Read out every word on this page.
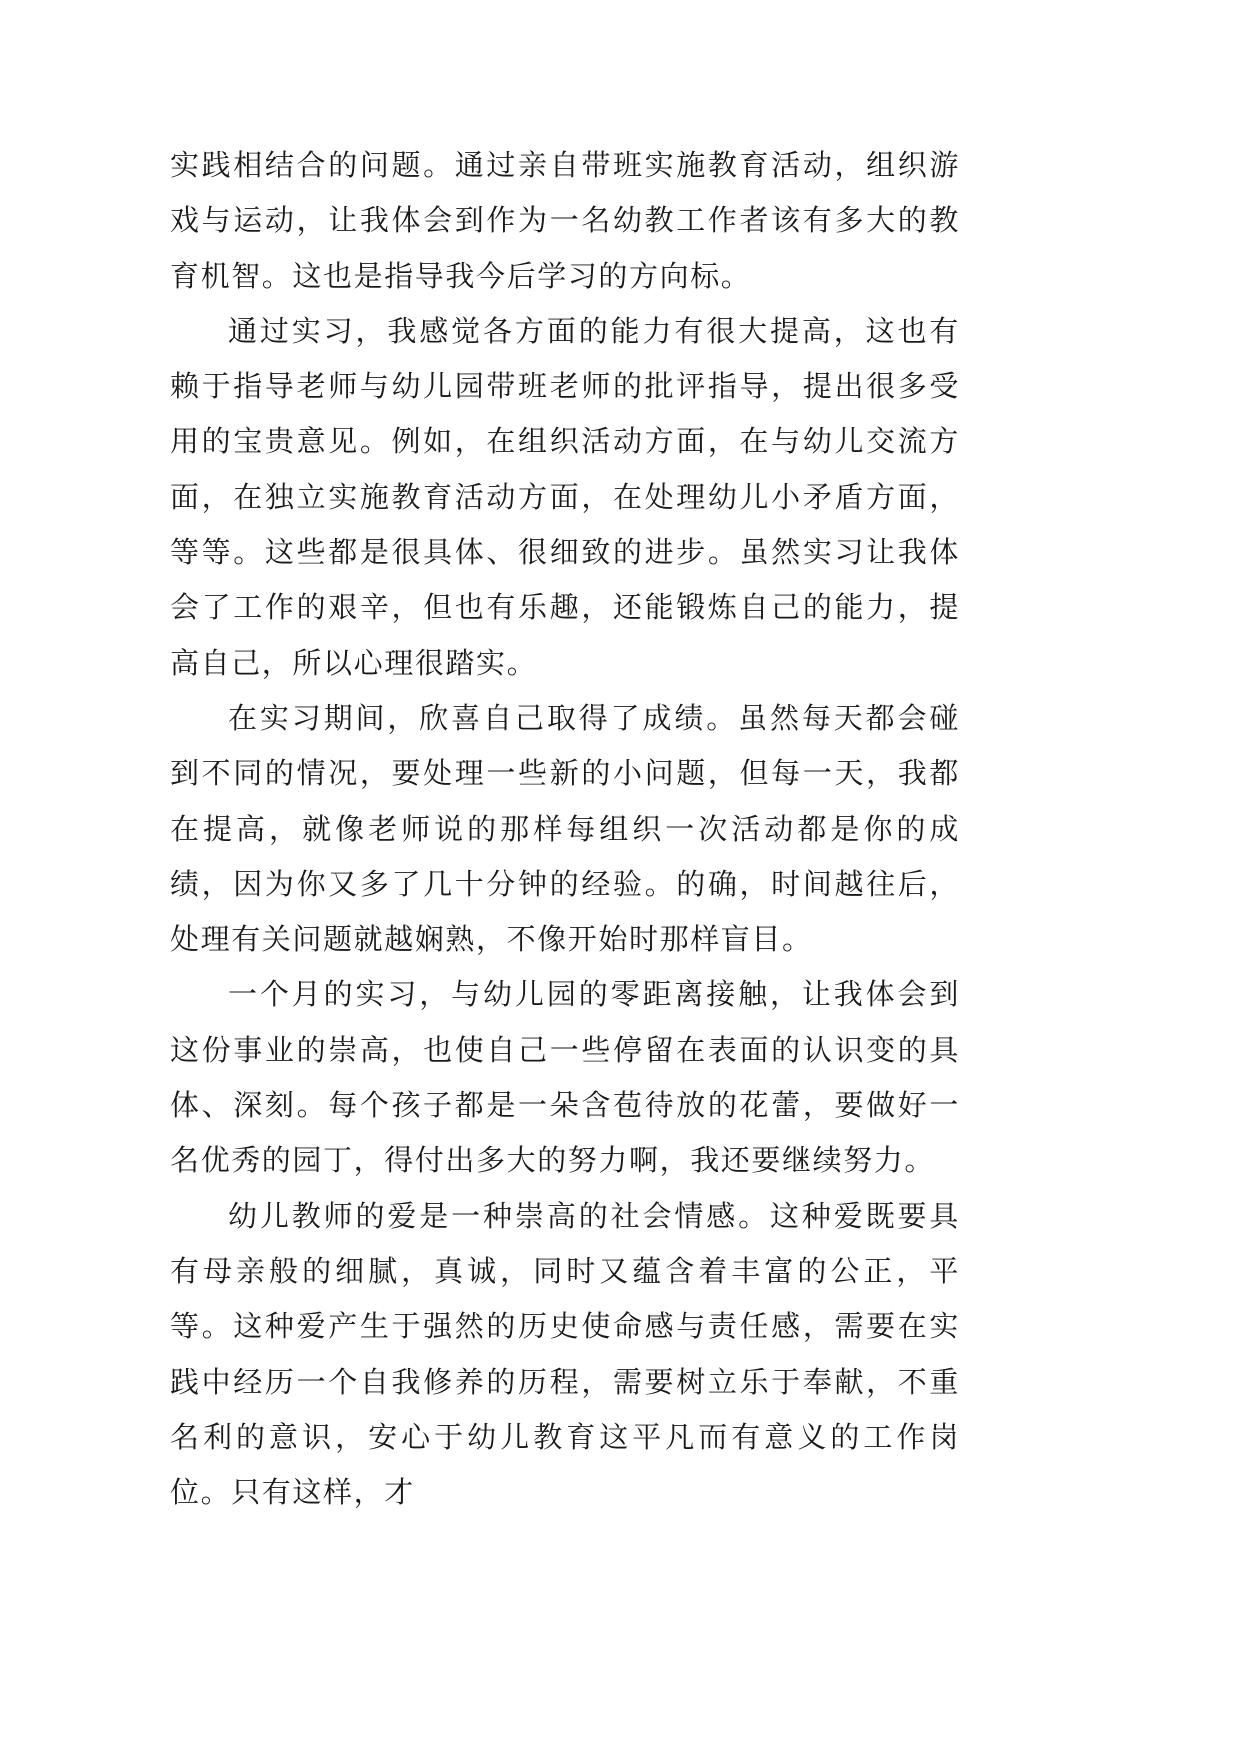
实践相结合的问题。通过亲自带班实施教育活动，组织游戏与运动，让我体会到作为一名幼教工作者该有多大的教育机智。这也是指导我今后学习的方向标。

通过实习，我感觉各方面的能力有很大提高，这也有赖于指导老师与幼儿园带班老师的批评指导，提出很多受用的宝贵意见。例如，在组织活动方面，在与幼儿交流方面，在独立实施教育活动方面，在处理幼儿小矛盾方面，等等。这些都是很具体、很细致的进步。虽然实习让我体会了工作的艰辛，但也有乐趣，还能锻炼自己的能力，提高自己，所以心理很踏实。

在实习期间，欣喜自己取得了成绩。虽然每天都会碰到不同的情况，要处理一些新的小问题，但每一天，我都在提高，就像老师说的那样每组织一次活动都是你的成绩，因为你又多了几十分钟的经验。的确，时间越往后，处理有关问题就越娴熟，不像开始时那样盲目。

一个月的实习，与幼儿园的零距离接触，让我体会到这份事业的崇高，也使自己一些停留在表面的认识变的具体、深刻。每个孩子都是一朵含苞待放的花蕾，要做好一名优秀的园丁，得付出多大的努力啊，我还要继续努力。

幼儿教师的爱是一种崇高的社会情感。这种爱既要具有母亲般的细腻，真诚，同时又蕴含着丰富的公正，平等。这种爱产生于强然的历史使命感与责任感，需要在实践中经历一个自我修养的历程，需要树立乐于奉献，不重名利的意识，安心于幼儿教育这平凡而有意义的工作岗位。只有这样，才
